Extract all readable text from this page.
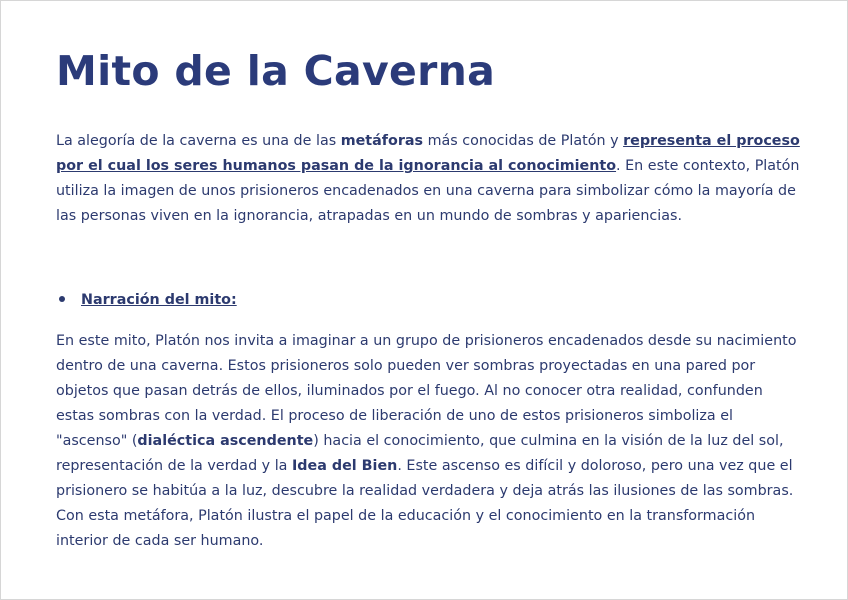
Mito de la Caverna

La alegoría de la caverna es una de las metáforas más conocidas de Platón y representa el proceso por el cual los seres humanos pasan de la ignorancia al conocimiento. En este contexto, Platón utiliza la imagen de unos prisioneros encadenados en una caverna para simbolizar cómo la mayoría de las personas viven en la ignorancia, atrapadas en un mundo de sombras y apariencias.

Narración del mito:

En este mito, Platón nos invita a imaginar a un grupo de prisioneros encadenados desde su nacimiento dentro de una caverna. Estos prisioneros solo pueden ver sombras proyectadas en una pared por objetos que pasan detrás de ellos, iluminados por el fuego. Al no conocer otra realidad, confunden estas sombras con la verdad. El proceso de liberación de uno de estos prisioneros simboliza el "ascenso" (dialéctica ascendente) hacia el conocimiento, que culmina en la visión de la luz del sol, representación de la verdad y la Idea del Bien. Este ascenso es difícil y doloroso, pero una vez que el prisionero se habitúa a la luz, descubre la realidad verdadera y deja atrás las ilusiones de las sombras. Con esta metáfora, Platón ilustra el papel de la educación y el conocimiento en la transformación interior de cada ser humano.
